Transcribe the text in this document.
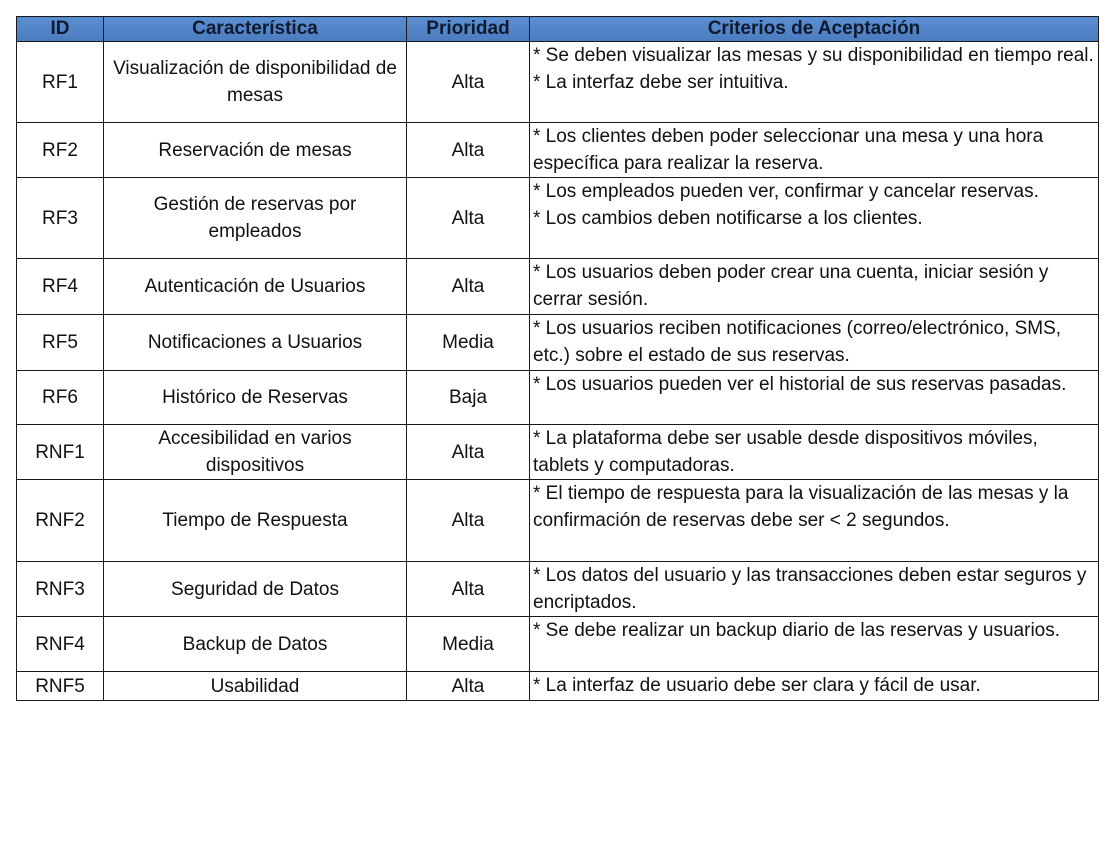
ID	Característica	Prioridad	Criterios de Aceptación
RF1	Visualización de disponibilidad de mesas	Alta	* Se deben visualizar las mesas y su disponibilidad en tiempo real.
* La interfaz debe ser intuitiva.

RF2	Reservación de mesas	Alta	* Los clientes deben poder seleccionar una mesa y una hora específica para realizar la reserva.

RF3	Gestión de reservas por empleados	Alta	* Los empleados pueden ver, confirmar y cancelar reservas.
* Los cambios deben notificarse a los clientes.

RF4	Autenticación de Usuarios	Alta	* Los usuarios deben poder crear una cuenta, iniciar sesión y cerrar sesión.

RF5	Notificaciones a Usuarios	Media	* Los usuarios reciben notificaciones (correo/electrónico, SMS, etc.) sobre el estado de sus reservas.

RF6	Histórico de Reservas	Baja	* Los usuarios pueden ver el historial de sus reservas pasadas.

RNF1	Accesibilidad en varios dispositivos	Alta	* La plataforma debe ser usable desde dispositivos móviles, tablets y computadoras.

RNF2	Tiempo de Respuesta	Alta	* El tiempo de respuesta para la visualización de las mesas y la confirmación de reservas debe ser < 2 segundos.

RNF3	Seguridad de Datos	Alta	* Los datos del usuario y las transacciones deben estar seguros y encriptados.

RNF4	Backup de Datos	Media	* Se debe realizar un backup diario de las reservas y usuarios.

RNF5	Usabilidad	Alta	* La interfaz de usuario debe ser clara y fácil de usar.
